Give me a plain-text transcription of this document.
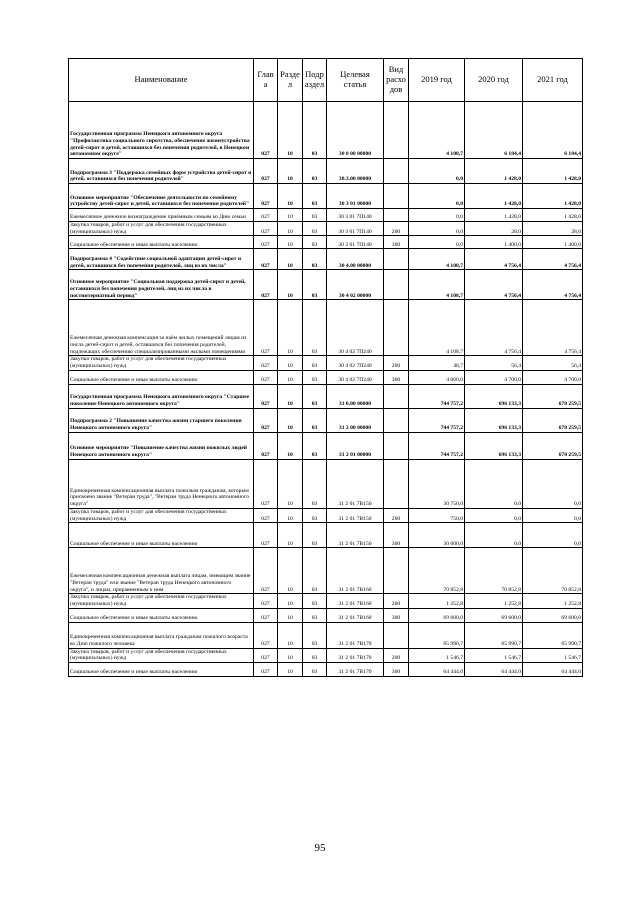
Наименование	Глав а	Разде л	Подр аздел	Целевая статья	Вид расхо дов	2019 год	2020 год	2021 год
Государственная программа Ненецкого автономного округа "Профилактика социального сиротства, обеспечение жизнеустройства детей-сирот и детей, оставшихся без попечения родителей, в Ненецком автономном округе"	027	10	03	30 0 00 00000		4 108,7	6 184,4	6 184,4
Подпрограмма 3 "Поддержка семейных форм устройства детей-сирот и детей, оставшихся без попечения родителей"	027	10	03	30.3.00 00000		0,0	1 428,0	1 428,0
Основное мероприятие "Обеспечение деятельности по семейному устройству детей-сирот и детей, оставшихся без попечения родителей"	027	10	03	30 3 01 00000		0,0	1 428,0	1 428,0
Ежемесячное денежное вознаграждение приёмным семьям ко Дню семьи	027	10	03	30 3 01 7П140		0,0	1 428,0	1 428,0
Закупка товаров, работ и услуг для обеспечения государственных (муниципальных) нужд	027	10	03	30 3 01 7П140	200	0,0	28,0	28,0
Социальное обеспечение и иные выплаты населению	027	10	03	30 3 01 7П140	300	0,0	1 400,0	1 400,0
Подпрограмма 4 "Содействие социальной адаптации детей-сирот и детей, оставшихся без попечения родителей, лиц из их числа"	027	10	03	30 4.00 00000		4 108,7	4 756,4	4 756,4
Основное мероприятие "Социальная поддержка детей-сирот и детей, оставшихся без попечения родителей, лиц из их числа в постинтернатный период"	027	10	03	30 4 02 00000		4 108,7	4 756,4	4 756,4
Ежемесячная денежная компенсация за наём жилых помещений лицам из числа детей-сирот и детей, оставшихся без попечения родителей, подлежащих обеспечению специализированными жилыми помещениями	027	10	03	30 4 02 7П240		4 108,7	4 756,4	4 756,4
Закупка товаров, работ и услуг для обеспечения государственных (муниципальных) нужд	027	10	03	30 4 02 7П240	200	48,7	56,4	56,4
Социальное обеспечение и иные выплаты населению	027	10	03	30 4 02 7П240	300	4 060,0	4 700,0	4 700,0
Государственная программа Ненецкого автономного округа "Старшее поколение Ненецкого автономного округа"	027	10	03	31 0.00 00000		744 757,2	696 133,3	678 259,5
Подпрограмма 2 "Повышение качества жизни старшего поколения Ненецкого автономного округа"	027	10	03	31 2 00 00000		744 757,2	696 133,3	678 259,5
Основное мероприятие "Повышение качества жизни пожилых людей Ненецкого автономного округа"	027	10	03	31 2 01 00000		744 757,2	696 133,3	678 259,5
Единовременная компенсационная выплата пожилым гражданам, которым присвоено звание "Ветеран труда", "Ветеран труда Ненецкого автономного округа"	027	10	03	31 2 01 7В150		30 750,0	0,0	0,0
Закупка товаров, работ и услуг для обеспечения государственных (муниципальных) нужд	027	10	03	31 2 01 7В150	200	750,0	0,0	0,0
Социальное обеспечение и иные выплаты населению	027	10	03	31 2 01 7В150	300	30 000,0	0,0	0,0
Ежемесячная компенсационная денежная выплата лицам, имеющим звание "Ветеран труда" или звание "Ветеран труда Ненецкого автономного округа", и лицам, приравненным к ним	027	10	03	31 2 01 7В160		70 852,8	70 852,8	70 852,8
Закупка товаров, работ и услуг для обеспечения государственных (муниципальных) нужд	027	10	03	31 2 01 7В160	200	1 252,8	1 252,8	1 252,8
Социальное обеспечение и иные выплаты населению	027	10	03	31 2 01 7В160	300	69 600,0	69 600,0	69 600,0
Единовременная компенсационная выплата гражданам пожилого возраста ко Дню пожилого человека	027	10	03	31 2 01 7В170		65 990,7	65 990,7	65 990,7
Закупка товаров, работ и услуг для обеспечения государственных (муниципальных) нужд	027	10	03	31 2 01 7В170	200	1 546,7	1 546,7	1 546,7
Социальное обеспечение и иные выплаты населению	027	10	03	31 2 01 7В170	300	64 444,0	64 444,0	64 444,0
95
